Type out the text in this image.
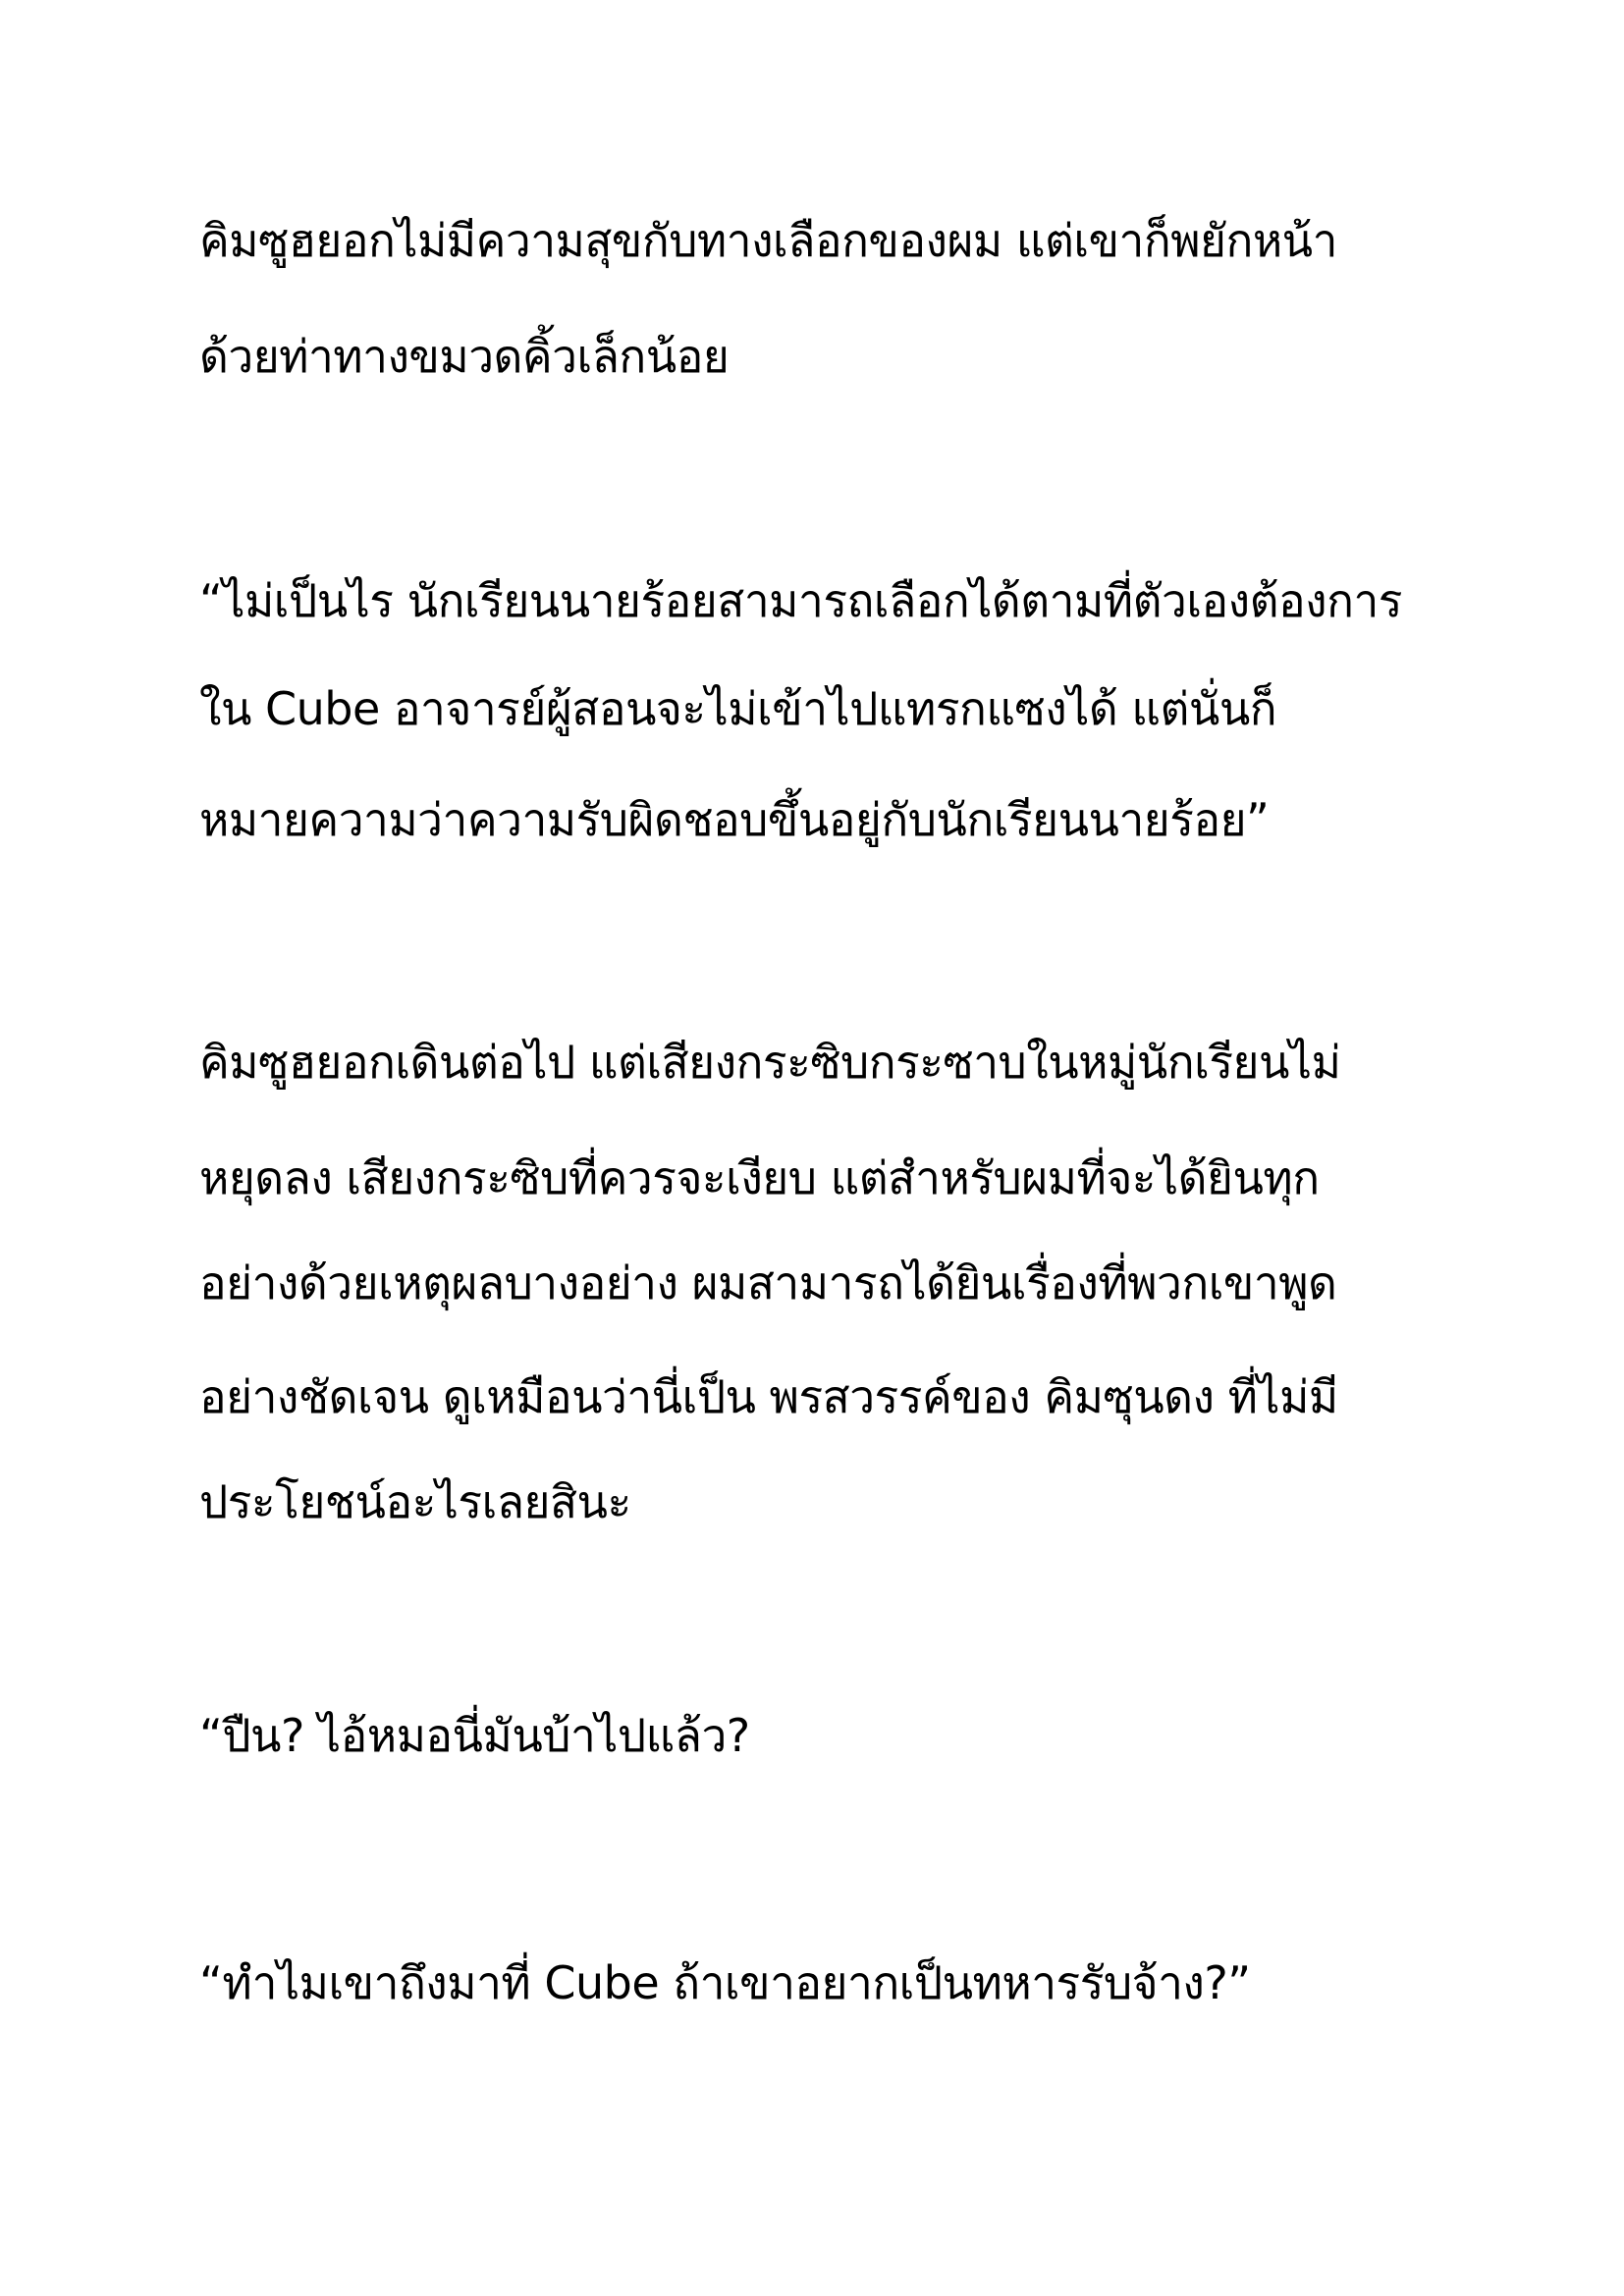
คิมซูฮยอกไม่มีความสุขกับทางเลือกของผม แต่เขาก็พยักหน้า

ด้วยท่าทางขมวดคิ้วเล็กน้อย

“ไม่เป็นไร นักเรียนนายร้อยสามารถเลือกได้ตามที่ตัวเองต้องการ

ใน Cube อาจารย์ผู้สอนจะไม่เข้าไปแทรกแซงได้ แต่นั่นก็

หมายความว่าความรับผิดชอบขึ้นอยู่กับนักเรียนนายร้อย”

คิมซูฮยอกเดินต่อไป แต่เสียงกระซิบกระซาบในหมู่นักเรียนไม่

หยุดลง เสียงกระซิบที่ควรจะเงียบ แต่สำหรับผมที่จะได้ยินทุก

อย่างด้วยเหตุผลบางอย่าง ผมสามารถได้ยินเรื่องที่พวกเขาพูด

อย่างชัดเจน ดูเหมือนว่านี่เป็น พรสวรรค์ของ คิมซุนดง ที่ไม่มี

ประโยชน์อะไรเลยสินะ

“ปืน? ไอ้หมอนี่มันบ้าไปแล้ว?

“ทำไมเขาถึงมาที่ Cube ถ้าเขาอยากเป็นทหารรับจ้าง?”
